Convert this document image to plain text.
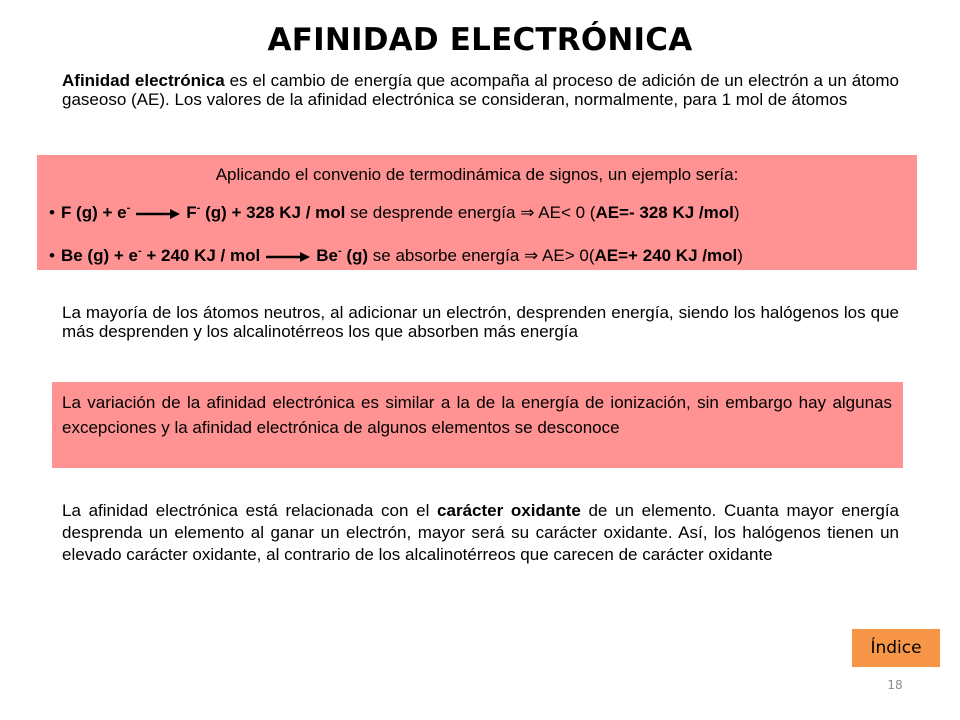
AFINIDAD ELECTRÓNICA
Afinidad electrónica es el cambio de energía que acompaña al proceso de adición de un electrón a un átomo gaseoso (AE). Los valores de la afinidad electrónica se consideran, normalmente, para 1 mol de átomos
Aplicando el convenio de termodinámica de signos, un ejemplo sería:
• F (g) + e- → F- (g) + 328 KJ / mol se desprende energía ⇒ AE< 0 (AE=- 328 KJ /mol)
• Be (g) + e- + 240 KJ / mol → Be- (g) se absorbe energía ⇒ AE> 0(AE=+ 240 KJ /mol)
La mayoría de los átomos neutros, al adicionar un electrón, desprenden energía, siendo los halógenos los que más desprenden y los alcalinotérreos los que absorben más energía
La variación de la afinidad electrónica es similar a la de la energía de ionización, sin embargo hay algunas excepciones y la afinidad electrónica de algunos elementos se desconoce
La afinidad electrónica está relacionada con el carácter oxidante de un elemento. Cuanta mayor energía desprenda un elemento al ganar un electrón, mayor será su carácter oxidante. Así, los halógenos tienen un elevado carácter oxidante, al contrario de los alcalinotérreos que carecen de carácter oxidante
Índice
18
